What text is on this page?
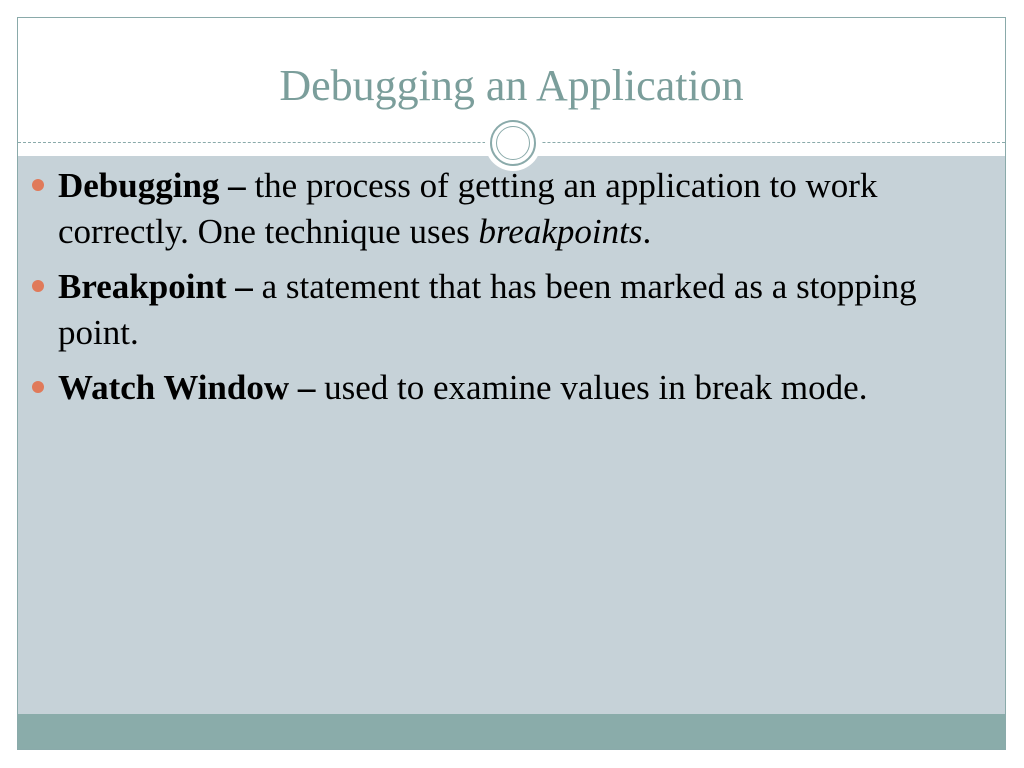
Debugging an Application
Debugging – the process of getting an application to work correctly. One technique uses breakpoints.
Breakpoint – a statement that has been marked as a stopping point.
Watch Window – used to examine values in break mode.
